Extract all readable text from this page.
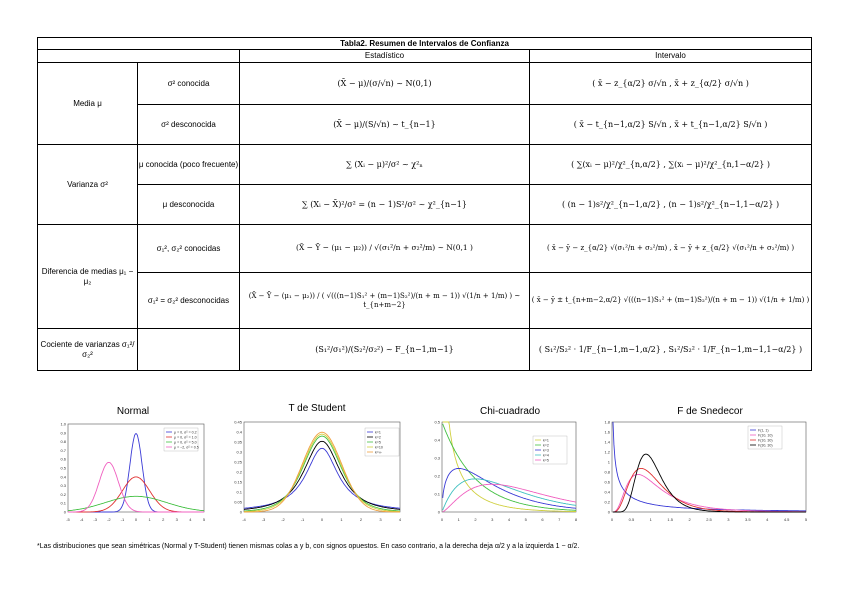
Tabla2. Resumen de Intervalos de Confianza			
		Estadístico	Intervalo
Media μ	σ² conocida	(X̄ − μ)/(σ/√n) ~ N(0,1)	( x̄ − z_{α/2} σ/√n , x̄ + z_{α/2} σ/√n )
	σ² desconocida	(X̄ − μ)/(S/√n) ~ t_{n−1}	( x̄ − t_{n−1,α/2} S/√n , x̄ + t_{n−1,α/2} S/√n )
Varianza σ²	μ conocida (poco frecuente)	∑ (Xᵢ − μ)²/σ² ~ χ²ₙ	( ∑(xᵢ − μ)²/χ²_{n,α/2} , ∑(xᵢ − μ)²/χ²_{n,1−α/2} )
	μ desconocida	∑ (Xᵢ − X̄)²/σ² = (n − 1)S²/σ² ~ χ²_{n−1}	( (n − 1)s²/χ²_{n−1,α/2} , (n − 1)s²/χ²_{n−1,1−α/2} )
Diferencia de medias μ₁ − μ₂	σ₁², σ₂² conocidas	(X̄ − Ȳ − (μ₁ − μ₂)) / √(σ₁²/n + σ₂²/m) ~ N(0,1 )	( x̄ − ȳ − z_{α/2} √(σ₁²/n + σ₂²/m) , x̄ − ȳ + z_{α/2} √(σ₁²/n + σ₂²/m) )
	σ₁² = σ₂² desconocidas	(X̄ − Ȳ − (μ₁ − μ₂)) / ( √(((n−1)S₁² + (m−1)S₂²)/(n + m − 1)) √(1/n + 1/m) ) ~ t_{n+m−2}	( x̄ − ȳ ± t_{n+m−2,α/2} √(((n−1)S₁² + (m−1)S₂²)/(n + m − 1)) √(1/n + 1/m) )
Cociente de varianzas σ₁²/σ₂²		(S₁²/σ₁²)/(S₂²/σ₂²) ~ F_{n−1,m−1}	( S₁²/S₂² · 1/F_{n−1,m−1,α/2} , S₁²/S₂² · 1/F_{n−1,m−1,1−α/2} )
Normal	T de Student	Chi-cuadrado	F de Snedecor
-5	-4	-3	-2	-1	0	1	2	3	4	5
0
0.1
0.2
0.3
0.4
0.5
0.6
0.7
0.8
0.9
1.0
μ = 0, σ² = 0.2
μ = 0, σ² = 1.0
μ = 0, σ² = 5.0
μ = −2, σ² = 0.5
-4	-3	-2	-1	0	1	2	3	4
0
0.05
0.1
0.15
0.2
0.25
0.3
0.35
0.4
0.45
k=1
k=2
k=5
k=10
k=∞
0	1	2	3	4	5	6	7	8
0
0.1
0.2
0.3
0.4
0.5
k=1
k=2
k=3
k=4
k=5
0	0.5	1	1.5	2	2.5	3	3.5	4	4.5	5
0
0.2
0.4
0.6
0.8
1
1.2
1.4
1.6
1.8
F(1, 1)
F(10, 10)
F(10, 30)
F(30, 30)
*Las distribuciones que sean simétricas (Normal y T-Student) tienen mismas colas a y b, con signos opuestos. En caso contrario, a la derecha deja α/2 y a la izquierda 1 − α/2.
